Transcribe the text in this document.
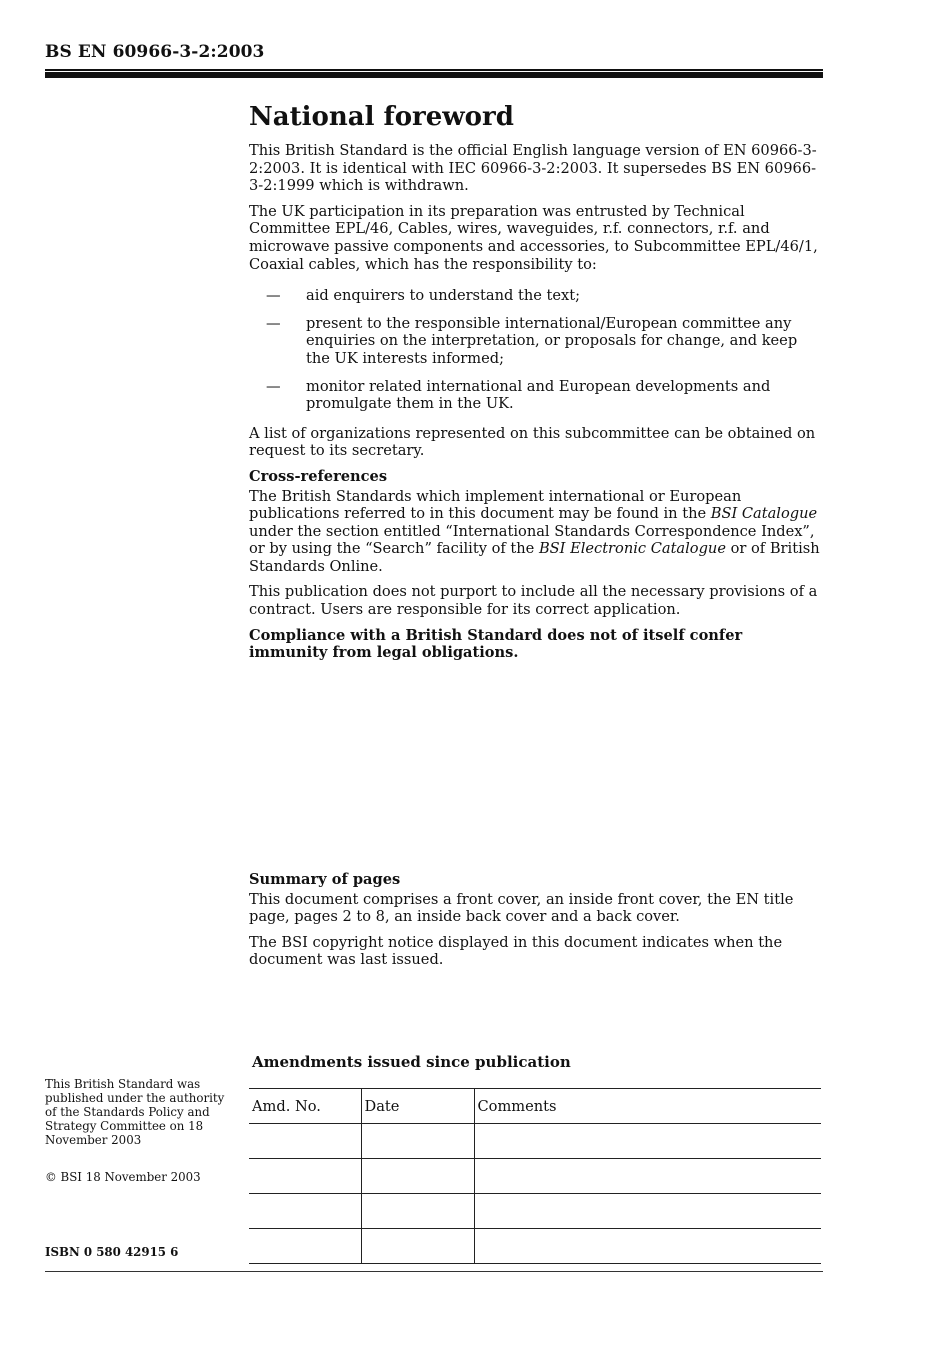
BS EN 60966-3-2:2003
National foreword

This British Standard is the official English language version of EN 60966-3-2:2003. It is identical with IEC 60966-3-2:2003. It supersedes BS EN 60966-3-2:1999 which is withdrawn.

The UK participation in its preparation was entrusted by Technical Committee EPL/46, Cables, wires, waveguides, r.f. connectors, r.f. and microwave passive components and accessories, to Subcommittee EPL/46/1, Coaxial cables, which has the responsibility to:

—	aid enquirers to understand the text;
—	present to the responsible international/European committee any enquiries on the interpretation, or proposals for change, and keep the UK interests informed;
—	monitor related international and European developments and promulgate them in the UK.

A list of organizations represented on this subcommittee can be obtained on request to its secretary.

Cross-references

The British Standards which implement international or European publications referred to in this document may be found in the BSI Catalogue under the section entitled “International Standards Correspondence Index”, or by using the “Search” facility of the BSI Electronic Catalogue or of British Standards Online.

This publication does not purport to include all the necessary provisions of a contract. Users are responsible for its correct application.

Compliance with a British Standard does not of itself confer immunity from legal obligations.

Summary of pages

This document comprises a front cover, an inside front cover, the EN title page, pages 2 to 8, an inside back cover and a back cover.

The BSI copyright notice displayed in this document indicates when the document was last issued.

Amendments issued since publication
Amd. No.	Date	Comments

This British Standard was published under the authority of the Standards Policy and Strategy Committee on 18 November 2003
© BSI 18 November 2003
ISBN 0 580 42915 6
